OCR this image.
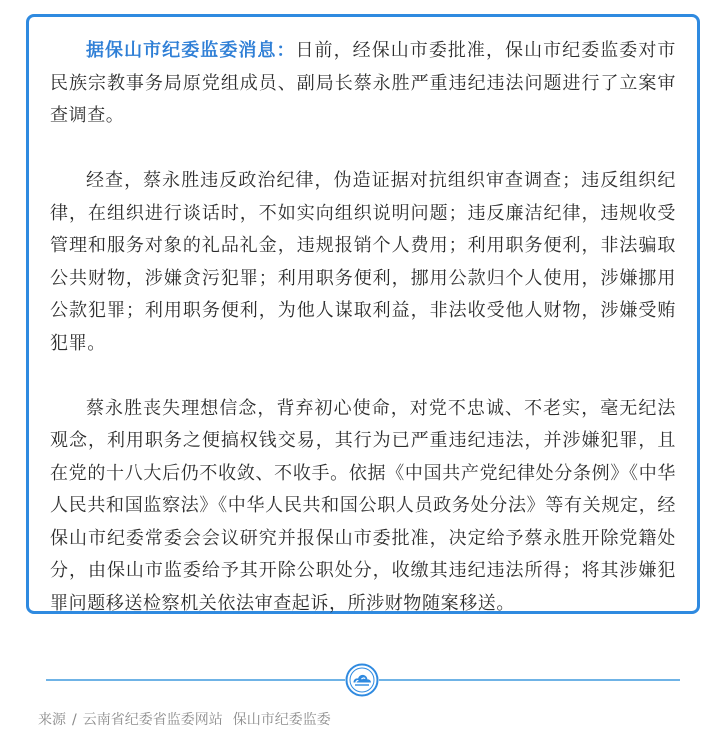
据保山市纪委监委消息：日前，经保山市委批准，保山市纪委监委对市民族宗教事务局原党组成员、副局长蔡永胜严重违纪违法问题进行了立案审查调查。

经查，蔡永胜违反政治纪律，伪造证据对抗组织审查调查；违反组织纪律，在组织进行谈话时，不如实向组织说明问题；违反廉洁纪律，违规收受管理和服务对象的礼品礼金，违规报销个人费用；利用职务便利，非法骗取公共财物，涉嫌贪污犯罪；利用职务便利，挪用公款归个人使用，涉嫌挪用公款犯罪；利用职务便利，为他人谋取利益，非法收受他人财物，涉嫌受贿犯罪。

蔡永胜丧失理想信念，背弃初心使命，对党不忠诚、不老实，毫无纪法观念，利用职务之便搞权钱交易，其行为已严重违纪违法，并涉嫌犯罪，且在党的十八大后仍不收敛、不收手。依据《中国共产党纪律处分条例》《中华人民共和国监察法》《中华人民共和国公职人员政务处分法》等有关规定，经保山市纪委常委会会议研究并报保山市委批准，决定给予蔡永胜开除党籍处分，由保山市监委给予其开除公职处分，收缴其违纪违法所得；将其涉嫌犯罪问题移送检察机关依法审查起诉，所涉财物随案移送。

来源 / 云南省纪委省监委网站 保山市纪委监委
